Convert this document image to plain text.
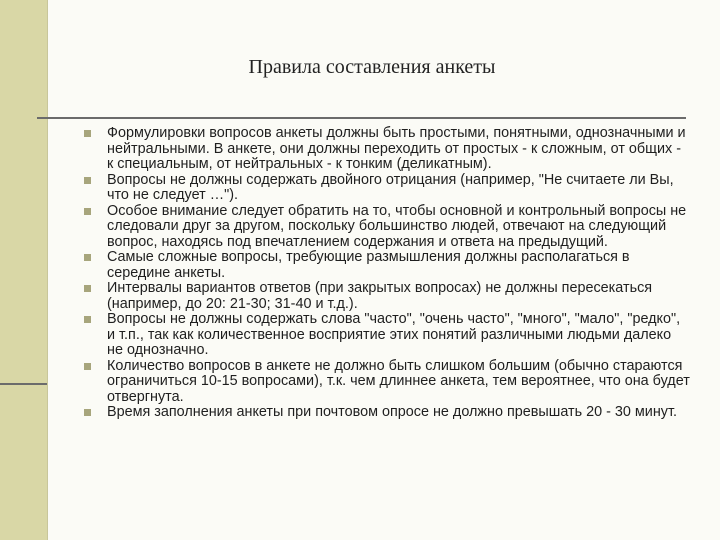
Правила составления анкеты
Формулировки вопросов анкеты должны быть простыми, понятными, однозначными и нейтральными. В анкете, они должны переходить от простых - к сложным, от общих - к специальным, от нейтральных - к тонким (деликатным).
Вопросы не должны содержать двойного отрицания (например, "Не считаете ли Вы, что не следует …").
Особое внимание следует обратить на то, чтобы основной и контрольный вопросы не следовали друг за другом, поскольку большинство людей, отвечают на следующий вопрос, находясь под впечатлением содержания и ответа на предыдущий.
Самые сложные вопросы, требующие размышления должны располагаться в середине анкеты.
Интервалы вариантов ответов (при закрытых вопросах) не должны пересекаться (например, до 20: 21-30; 31-40 и т.д.).
Вопросы не должны содержать слова "часто", "очень часто", "много", "мало", "редко", и т.п., так как количественное восприятие этих понятий различными людьми далеко не однозначно.
Количество вопросов в анкете не должно быть слишком большим (обычно стараются ограничиться 10-15 вопросами), т.к. чем длиннее анкета, тем вероятнее, что она будет отвергнута.
Время заполнения анкеты при почтовом опросе не должно превышать 20 - 30 минут.
